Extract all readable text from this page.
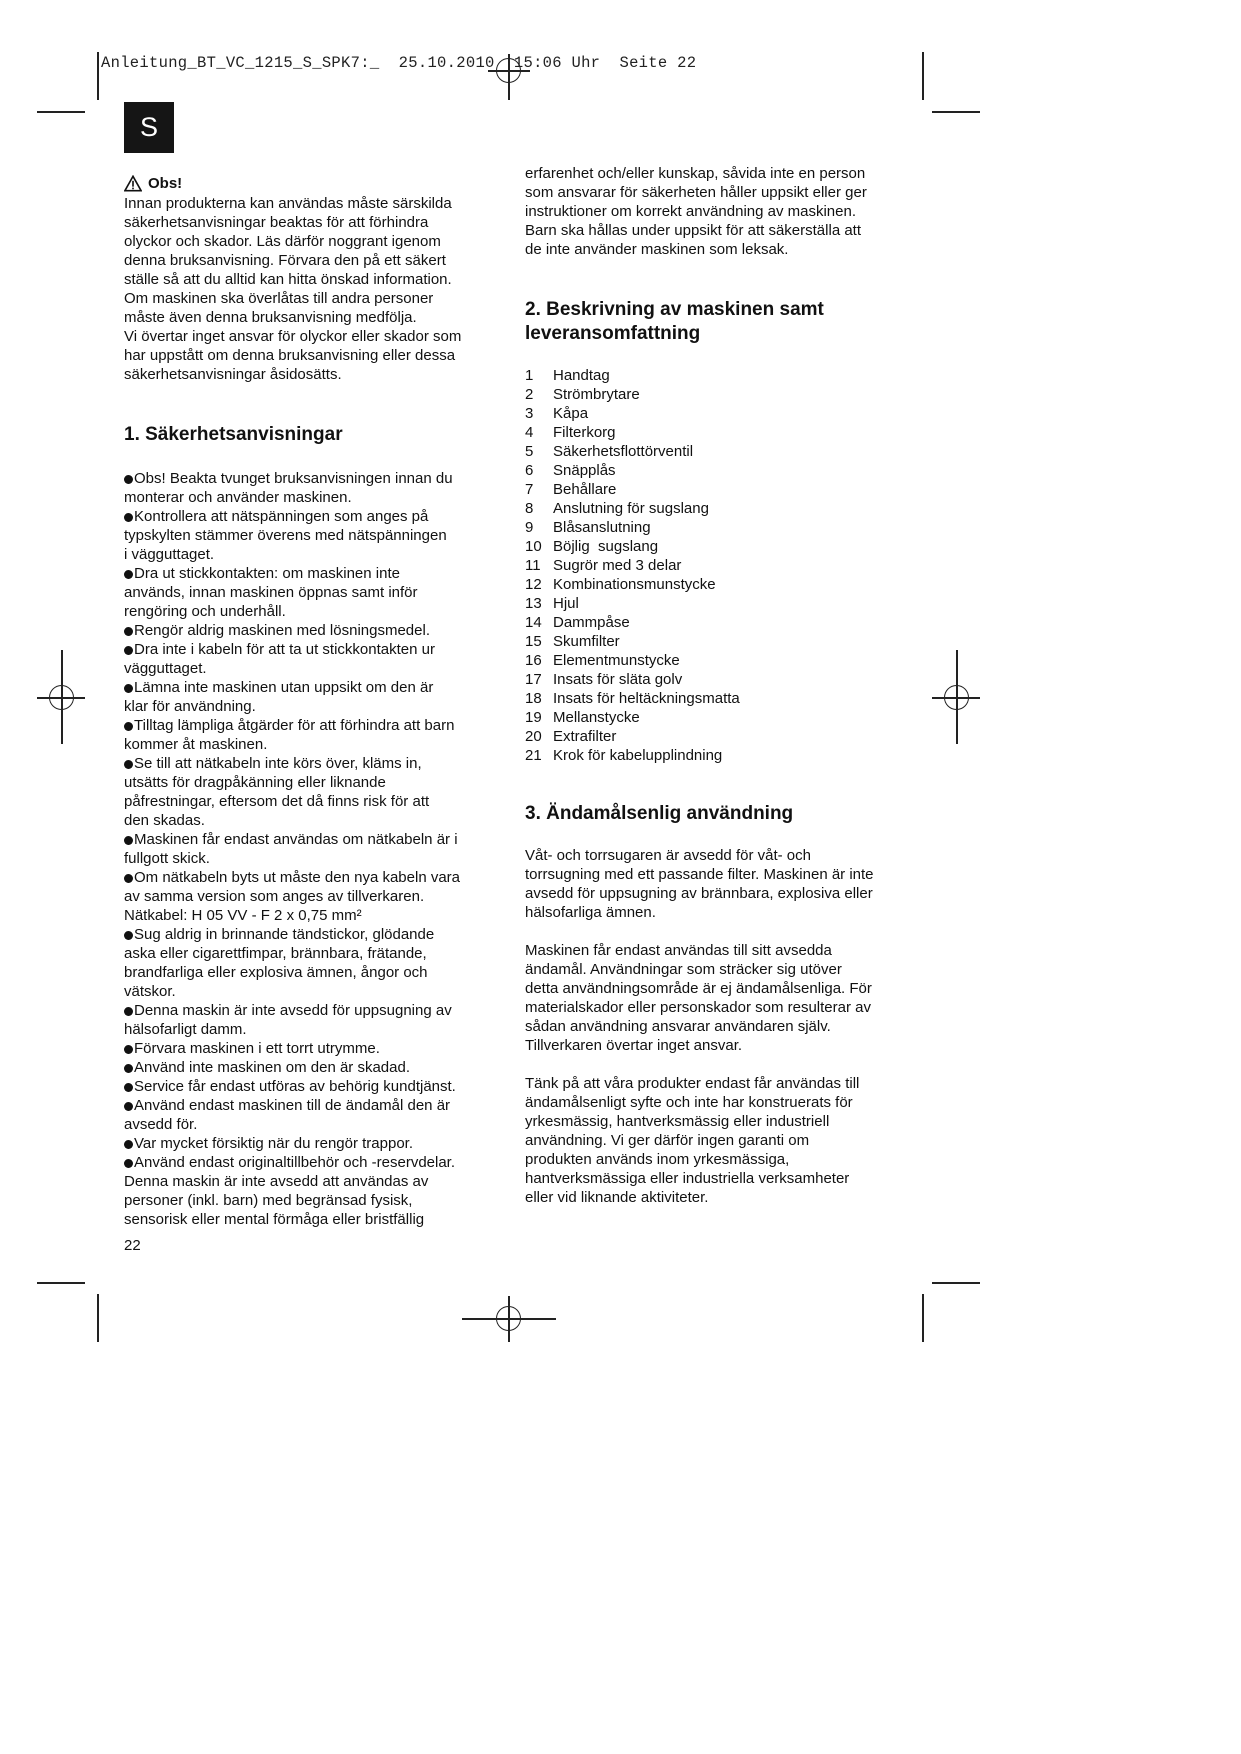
Anleitung_BT_VC_1215_S_SPK7:_  25.10.2010  15:06 Uhr  Seite 22
S
Obs!
Innan produkterna kan användas måste särskilda
säkerhetsanvisningar beaktas för att förhindra
olyckor och skador. Läs därför noggrant igenom
denna bruksanvisning. Förvara den på ett säkert
ställe så att du alltid kan hitta önskad information.
Om maskinen ska överlåtas till andra personer
måste även denna bruksanvisning medfölja.
Vi övertar inget ansvar för olyckor eller skador som
har uppstått om denna bruksanvisning eller dessa
säkerhetsanvisningar åsidosätts.
1. Säkerhetsanvisningar
Obs! Beakta tvunget bruksanvisningen innan du
monterar och använder maskinen.
Kontrollera att nätspänningen som anges på
typskylten stämmer överens med nätspänningen
i vägguttaget.
Dra ut stickkontakten: om maskinen inte
används, innan maskinen öppnas samt inför
rengöring och underhåll.
Rengör aldrig maskinen med lösningsmedel.
Dra inte i kabeln för att ta ut stickkontakten ur
vägguttaget.
Lämna inte maskinen utan uppsikt om den är
klar för användning.
Tilltag lämpliga åtgärder för att förhindra att barn
kommer åt maskinen.
Se till att nätkabeln inte körs över, kläms in,
utsätts för dragpåkänning eller liknande
påfrestningar, eftersom det då finns risk för att
den skadas.
Maskinen får endast användas om nätkabeln är i
fullgott skick.
Om nätkabeln byts ut måste den nya kabeln vara
av samma version som anges av tillverkaren.
Nätkabel: H 05 VV - F 2 x 0,75 mm²
Sug aldrig in brinnande tändstickor, glödande
aska eller cigarettfimpar, brännbara, frätande,
brandfarliga eller explosiva ämnen, ångor och
vätskor.
Denna maskin är inte avsedd för uppsugning av
hälsofarligt damm.
Förvara maskinen i ett torrt utrymme.
Använd inte maskinen om den är skadad.
Service får endast utföras av behörig kundtjänst.
Använd endast maskinen till de ändamål den är
avsedd för.
Var mycket försiktig när du rengör trappor.
Använd endast originaltillbehör och -reservdelar.
Denna maskin är inte avsedd att användas av
personer (inkl. barn) med begränsad fysisk,
sensorisk eller mental förmåga eller bristfällig
erfarenhet och/eller kunskap, såvida inte en person
som ansvarar för säkerheten håller uppsikt eller ger
instruktioner om korrekt användning av maskinen.
Barn ska hållas under uppsikt för att säkerställa att
de inte använder maskinen som leksak.
2. Beskrivning av maskinen samt
leveransomfattning
1	Handtag
2	Strömbrytare
3	Kåpa
4	Filterkorg
5	Säkerhetsflottörventil
6	Snäpplås
7	Behållare
8	Anslutning för sugslang
9	Blåsanslutning
10 Böjlig  sugslang
11 Sugrör med 3 delar
12 Kombinationsmunstycke
13 Hjul
14 Dammpåse
15 Skumfilter
16 Elementmunstycke
17 Insats för släta golv
18 Insats för heltäckningsmatta
19 Mellanstycke
20 Extrafilter
21 Krok för kabelupplindning
3. Ändamålsenlig användning
Våt- och torrsugaren är avsedd för våt- och
torrsugning med ett passande filter. Maskinen är inte
avsedd för uppsugning av brännbara, explosiva eller
hälsofarliga ämnen.
Maskinen får endast användas till sitt avsedda
ändamål. Användningar som sträcker sig utöver
detta användningsområde är ej ändamålsenliga. För
materialskador eller personskador som resulterar av
sådan användning ansvarar användaren själv.
Tillverkaren övertar inget ansvar.
Tänk på att våra produkter endast får användas till
ändamålsenligt syfte och inte har konstruerats för
yrkesmässig, hantverksmässig eller industriell
användning. Vi ger därför ingen garanti om
produkten används inom yrkesmässiga,
hantverksmässiga eller industriella verksamheter
eller vid liknande aktiviteter.
22
